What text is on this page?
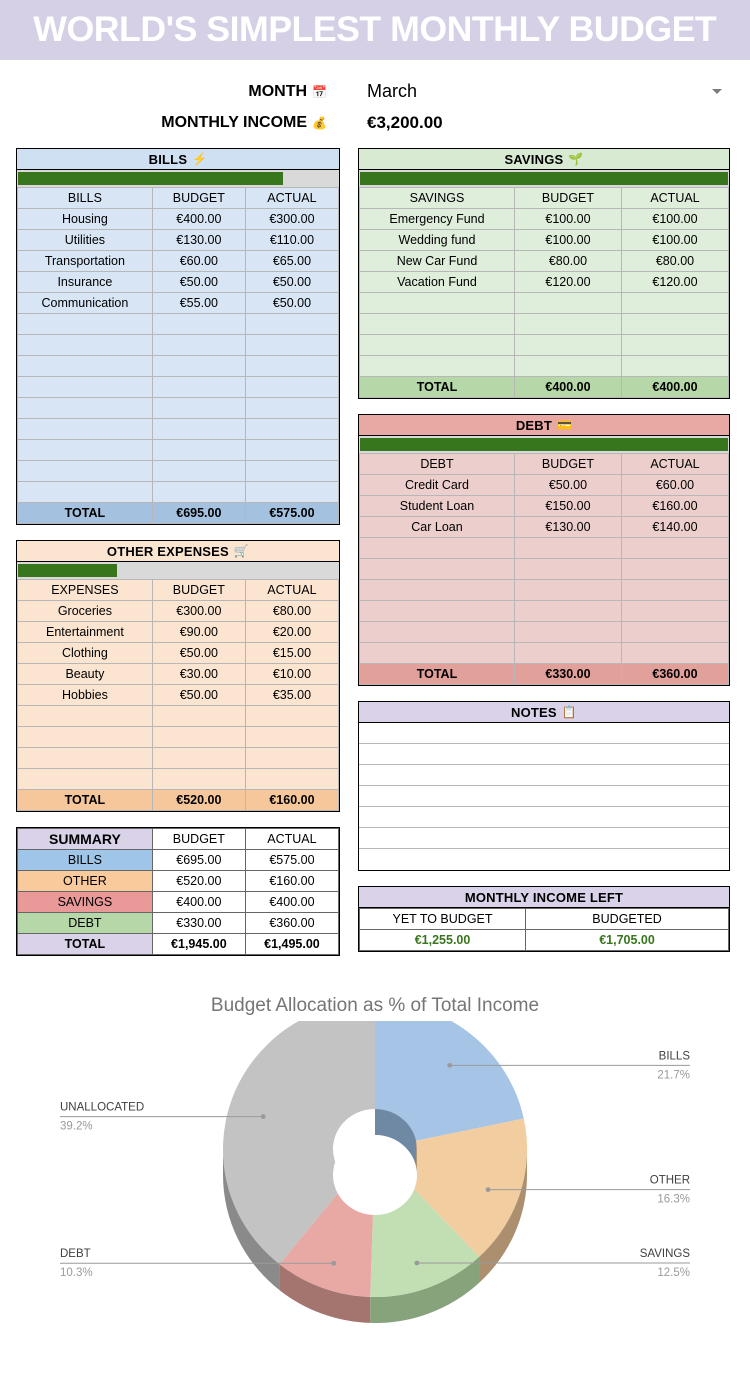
WORLD'S SIMPLEST MONTHLY BUDGET
MONTH 📅	March
MONTHLY INCOME 💰	€3,200.00
BILLS ⚡
BILLS	BUDGET	ACTUAL
Housing	€400.00	€300.00
Utilities	€130.00	€110.00
Transportation	€60.00	€65.00
Insurance	€50.00	€50.00
Communication	€55.00	€50.00

TOTAL	€695.00	€575.00
OTHER EXPENSES 🛒
EXPENSES	BUDGET	ACTUAL
Groceries	€300.00	€80.00
Entertainment	€90.00	€20.00
Clothing	€50.00	€15.00
Beauty	€30.00	€10.00
Hobbies	€50.00	€35.00

TOTAL	€520.00	€160.00
SUMMARY	BUDGET	ACTUAL
BILLS	€695.00	€575.00
OTHER	€520.00	€160.00
SAVINGS	€400.00	€400.00
DEBT	€330.00	€360.00
TOTAL	€1,945.00	€1,495.00
SAVINGS 🌱
SAVINGS	BUDGET	ACTUAL
Emergency Fund	€100.00	€100.00
Wedding fund	€100.00	€100.00
New Car Fund	€80.00	€80.00
Vacation Fund	€120.00	€120.00

TOTAL	€400.00	€400.00
DEBT 💳
DEBT	BUDGET	ACTUAL
Credit Card	€50.00	€60.00
Student Loan	€150.00	€160.00
Car Loan	€130.00	€140.00

TOTAL	€330.00	€360.00
NOTES 📋
MONTHLY INCOME LEFT
YET TO BUDGET	BUDGETED
€1,255.00	€1,705.00
Budget Allocation as % of Total Income
BILLS
21.7%
OTHER
16.3%
SAVINGS
12.5%
DEBT
10.3%
UNALLOCATED
39.2%
